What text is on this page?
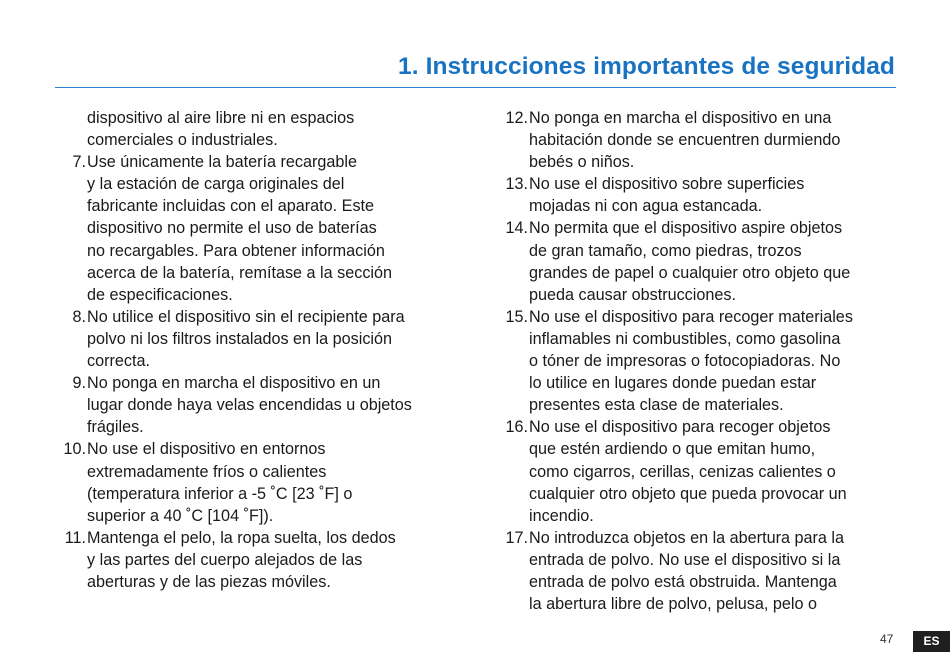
1. Instrucciones importantes de seguridad
dispositivo al aire libre ni en espacios
comerciales o industriales.
7. Use únicamente la batería recargable
y la estación de carga originales del
fabricante incluidas con el aparato. Este
dispositivo no permite el uso de baterías
no recargables. Para obtener información
acerca de la batería, remítase a la sección
de especificaciones.
8. No utilice el dispositivo sin el recipiente para
polvo ni los filtros instalados en la posición
correcta.
9. No ponga en marcha el dispositivo en un
lugar donde haya velas encendidas u objetos
frágiles.
10. No use el dispositivo en entornos
extremadamente fríos o calientes
(temperatura inferior a -5 ˚C [23 ˚F] o
superior a 40 ˚C [104 ˚F]).
11. Mantenga el pelo, la ropa suelta, los dedos
y las partes del cuerpo alejados de las
aberturas y de las piezas móviles.
12. No ponga en marcha el dispositivo en una
habitación donde se encuentren durmiendo
bebés o niños.
13. No use el dispositivo sobre superficies
mojadas ni con agua estancada.
14. No permita que el dispositivo aspire objetos
de gran tamaño, como piedras, trozos
grandes de papel o cualquier otro objeto que
pueda causar obstrucciones.
15. No use el dispositivo para recoger materiales
inflamables ni combustibles, como gasolina
o tóner de impresoras o fotocopiadoras. No
lo utilice en lugares donde puedan estar
presentes esta clase de materiales.
16. No use el dispositivo para recoger objetos
que estén ardiendo o que emitan humo,
como cigarros, cerillas, cenizas calientes o
cualquier otro objeto que pueda provocar un
incendio.
17. No introduzca objetos en la abertura para la
entrada de polvo. No use el dispositivo si la
entrada de polvo está obstruida. Mantenga
la abertura libre de polvo, pelusa, pelo o
47	ES
